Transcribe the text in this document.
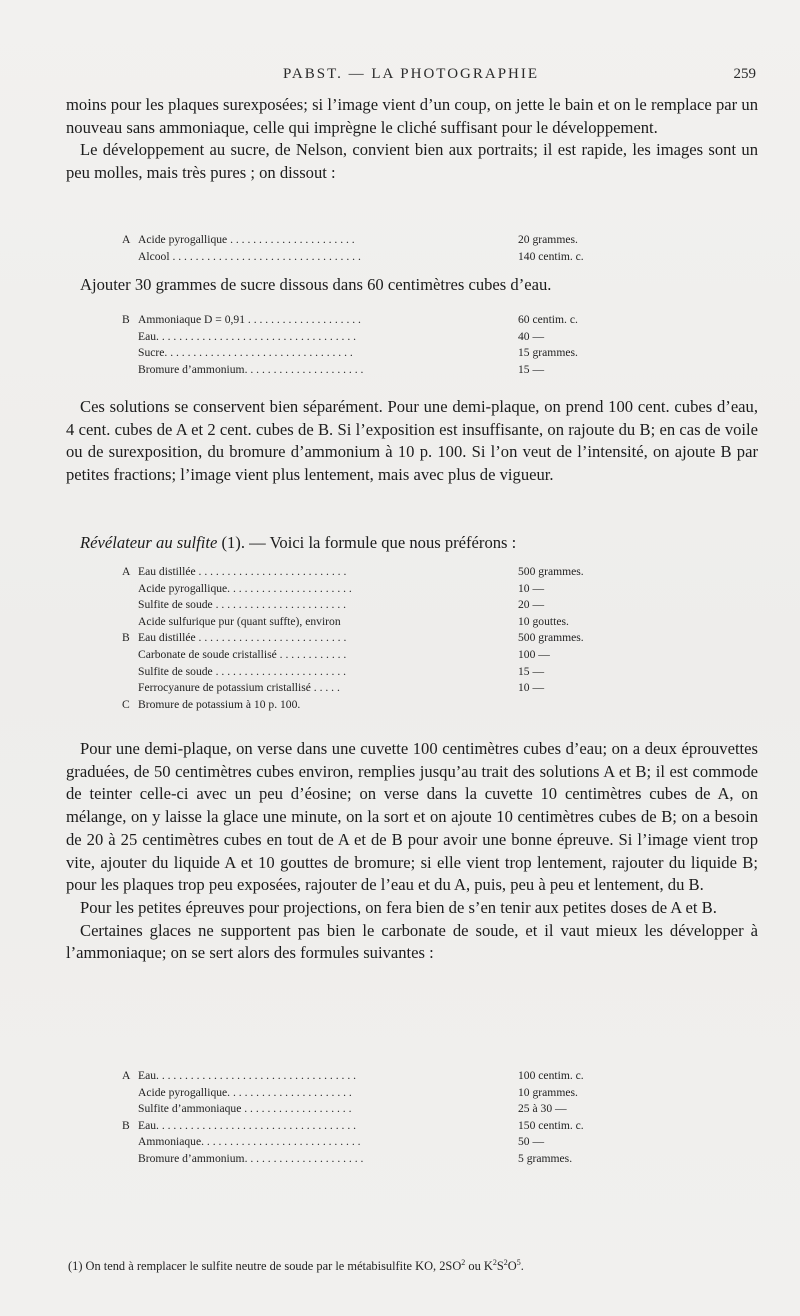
PABST. — LA PHOTOGRAPHIE	259

moins pour les plaques surexposées; si l’image vient d’un coup, on jette le bain et on le remplace par un nouveau sans ammoniaque, celle qui imprègne le cliché suffisant pour le développement.

Le développement au sucre, de Nelson, convient bien aux portraits; il est rapide, les images sont un peu molles, mais très pures ; on dissout :

A Acide pyrogallique . . . . . . . . . . . . . . . . . . . . . .	20 grammes.
Alcool . . . . . . . . . . . . . . . . . . . . . . . . . . . . . . . . .	140 centim. c.

Ajouter 30 grammes de sucre dissous dans 60 centimètres cubes d’eau.

B Ammoniaque D = 0,91 . . . . . . . . . . . . . . . . . . . .	60 centim. c.
Eau. . . . . . . . . . . . . . . . . . . . . . . . . . . . . . . . . . .	40 —
Sucre. . . . . . . . . . . . . . . . . . . . . . . . . . . . . . . . .	15 grammes.
Bromure d’ammonium. . . . . . . . . . . . . . . . . . . . .	15 —

Ces solutions se conservent bien séparément. Pour une demi-plaque, on prend 100 cent. cubes d’eau, 4 cent. cubes de A et 2 cent. cubes de B. Si l’exposition est insuffisante, on rajoute du B; en cas de voile ou de surexposition, du bromure d’ammonium à 10 p. 100. Si l’on veut de l’intensité, on ajoute B par petites fractions; l’image vient plus lentement, mais avec plus de vigueur.

Révélateur au sulfite (1). — Voici la formule que nous préférons :

A Eau distillée . . . . . . . . . . . . . . . . . . . . . . . . . .	500 grammes.
Acide pyrogallique. . . . . . . . . . . . . . . . . . . . . .	10 —
Sulfite de soude . . . . . . . . . . . . . . . . . . . . . . .	20 —
Acide sulfurique pur (quant suffte), environ	10 gouttes.
B Eau distillée . . . . . . . . . . . . . . . . . . . . . . . . . .	500 grammes.
Carbonate de soude cristallisé . . . . . . . . . . . .	100 —
Sulfite de soude . . . . . . . . . . . . . . . . . . . . . . .	15 —
Ferrocyanure de potassium cristallisé . . . . .	10 —
C Bromure de potassium à 10 p. 100.

Pour une demi-plaque, on verse dans une cuvette 100 centimètres cubes d’eau; on a deux éprouvettes graduées, de 50 centimètres cubes environ, remplies jusqu’au trait des solutions A et B; il est commode de teinter celle-ci avec un peu d’éosine; on verse dans la cuvette 10 centimètres cubes de A, on mélange, on y laisse la glace une minute, on la sort et on ajoute 10 centimètres cubes de B; on a besoin de 20 à 25 centimètres cubes en tout de A et de B pour avoir une bonne épreuve. Si l’image vient trop vite, ajouter du liquide A et 10 gouttes de bromure; si elle vient trop lentement, rajouter du liquide B; pour les plaques trop peu exposées, rajouter de l’eau et du A, puis, peu à peu et lentement, du B.

Pour les petites épreuves pour projections, on fera bien de s’en tenir aux petites doses de A et B.

Certaines glaces ne supportent pas bien le carbonate de soude, et il vaut mieux les développer à l’ammoniaque; on se sert alors des formules suivantes :

A Eau. . . . . . . . . . . . . . . . . . . . . . . . . . . . . . . . . . .	100 centim. c.
Acide pyrogallique. . . . . . . . . . . . . . . . . . . . . .	10 grammes.
Sulfite d’ammoniaque . . . . . . . . . . . . . . . . . . .	25 à 30 —
B Eau. . . . . . . . . . . . . . . . . . . . . . . . . . . . . . . . . . .	150 centim. c.
Ammoniaque. . . . . . . . . . . . . . . . . . . . . . . . . . . .	50 —
Bromure d’ammonium. . . . . . . . . . . . . . . . . . . . .	5 grammes.
(1) On tend à remplacer le sulfite neutre de soude par le métabisulfite KO, $2SO^2$ ou $K^2S^2O^5$.
